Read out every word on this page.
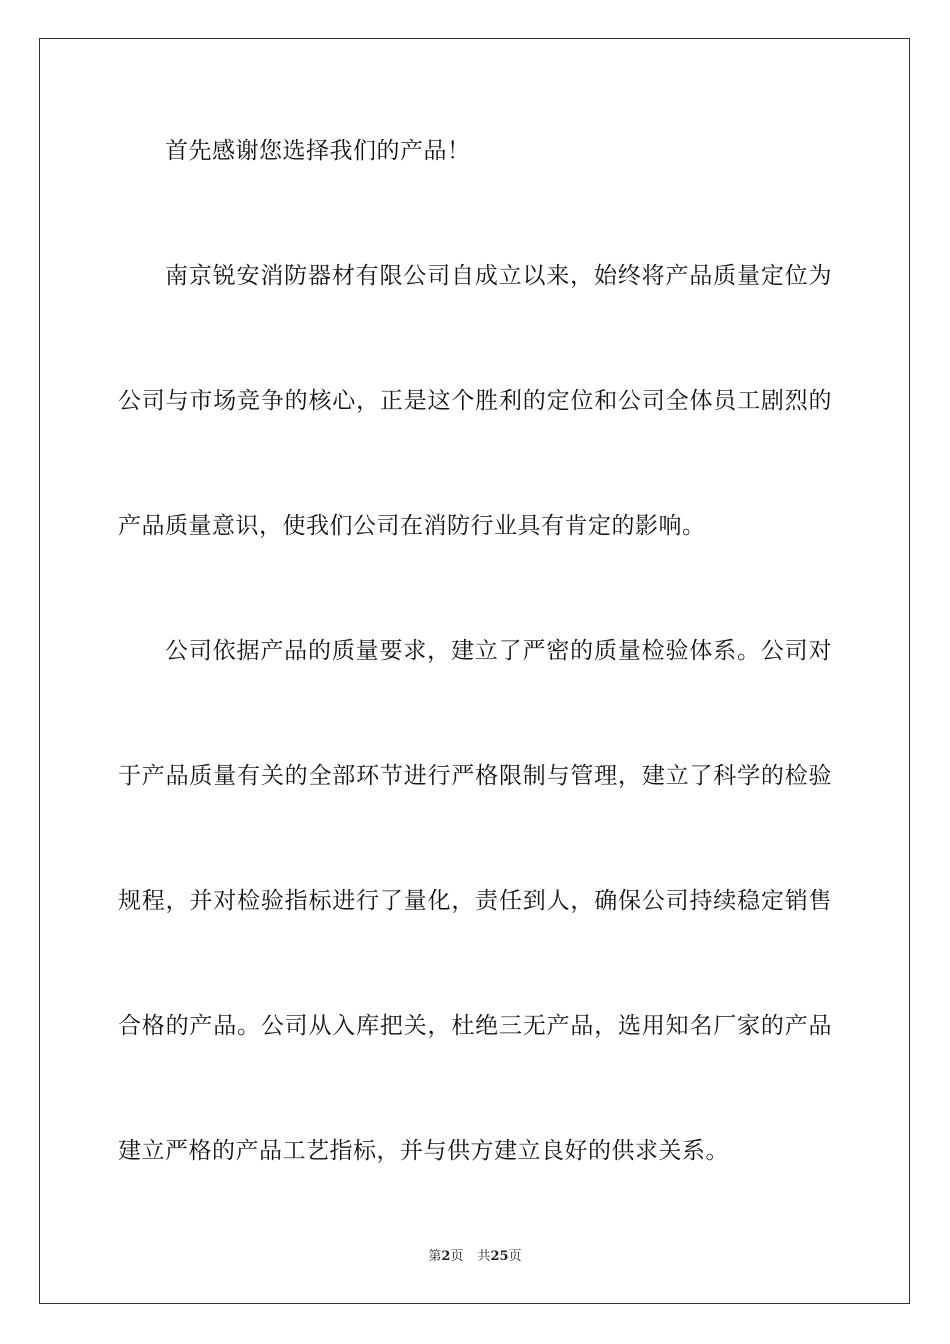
首先感谢您选择我们的产品！
南京锐安消防器材有限公司自成立以来，始终将产品质量定位为
公司与市场竞争的核心，正是这个胜利的定位和公司全体员工剧烈的
产品质量意识，使我们公司在消防行业具有肯定的影响。
公司依据产品的质量要求，建立了严密的质量检验体系。公司对
于产品质量有关的全部环节进行严格限制与管理，建立了科学的检验
规程，并对检验指标进行了量化，责任到人，确保公司持续稳定销售
合格的产品。公司从入库把关，杜绝三无产品，选用知名厂家的产品
建立严格的产品工艺指标，并与供方建立良好的供求关系。
第2页 共25页
